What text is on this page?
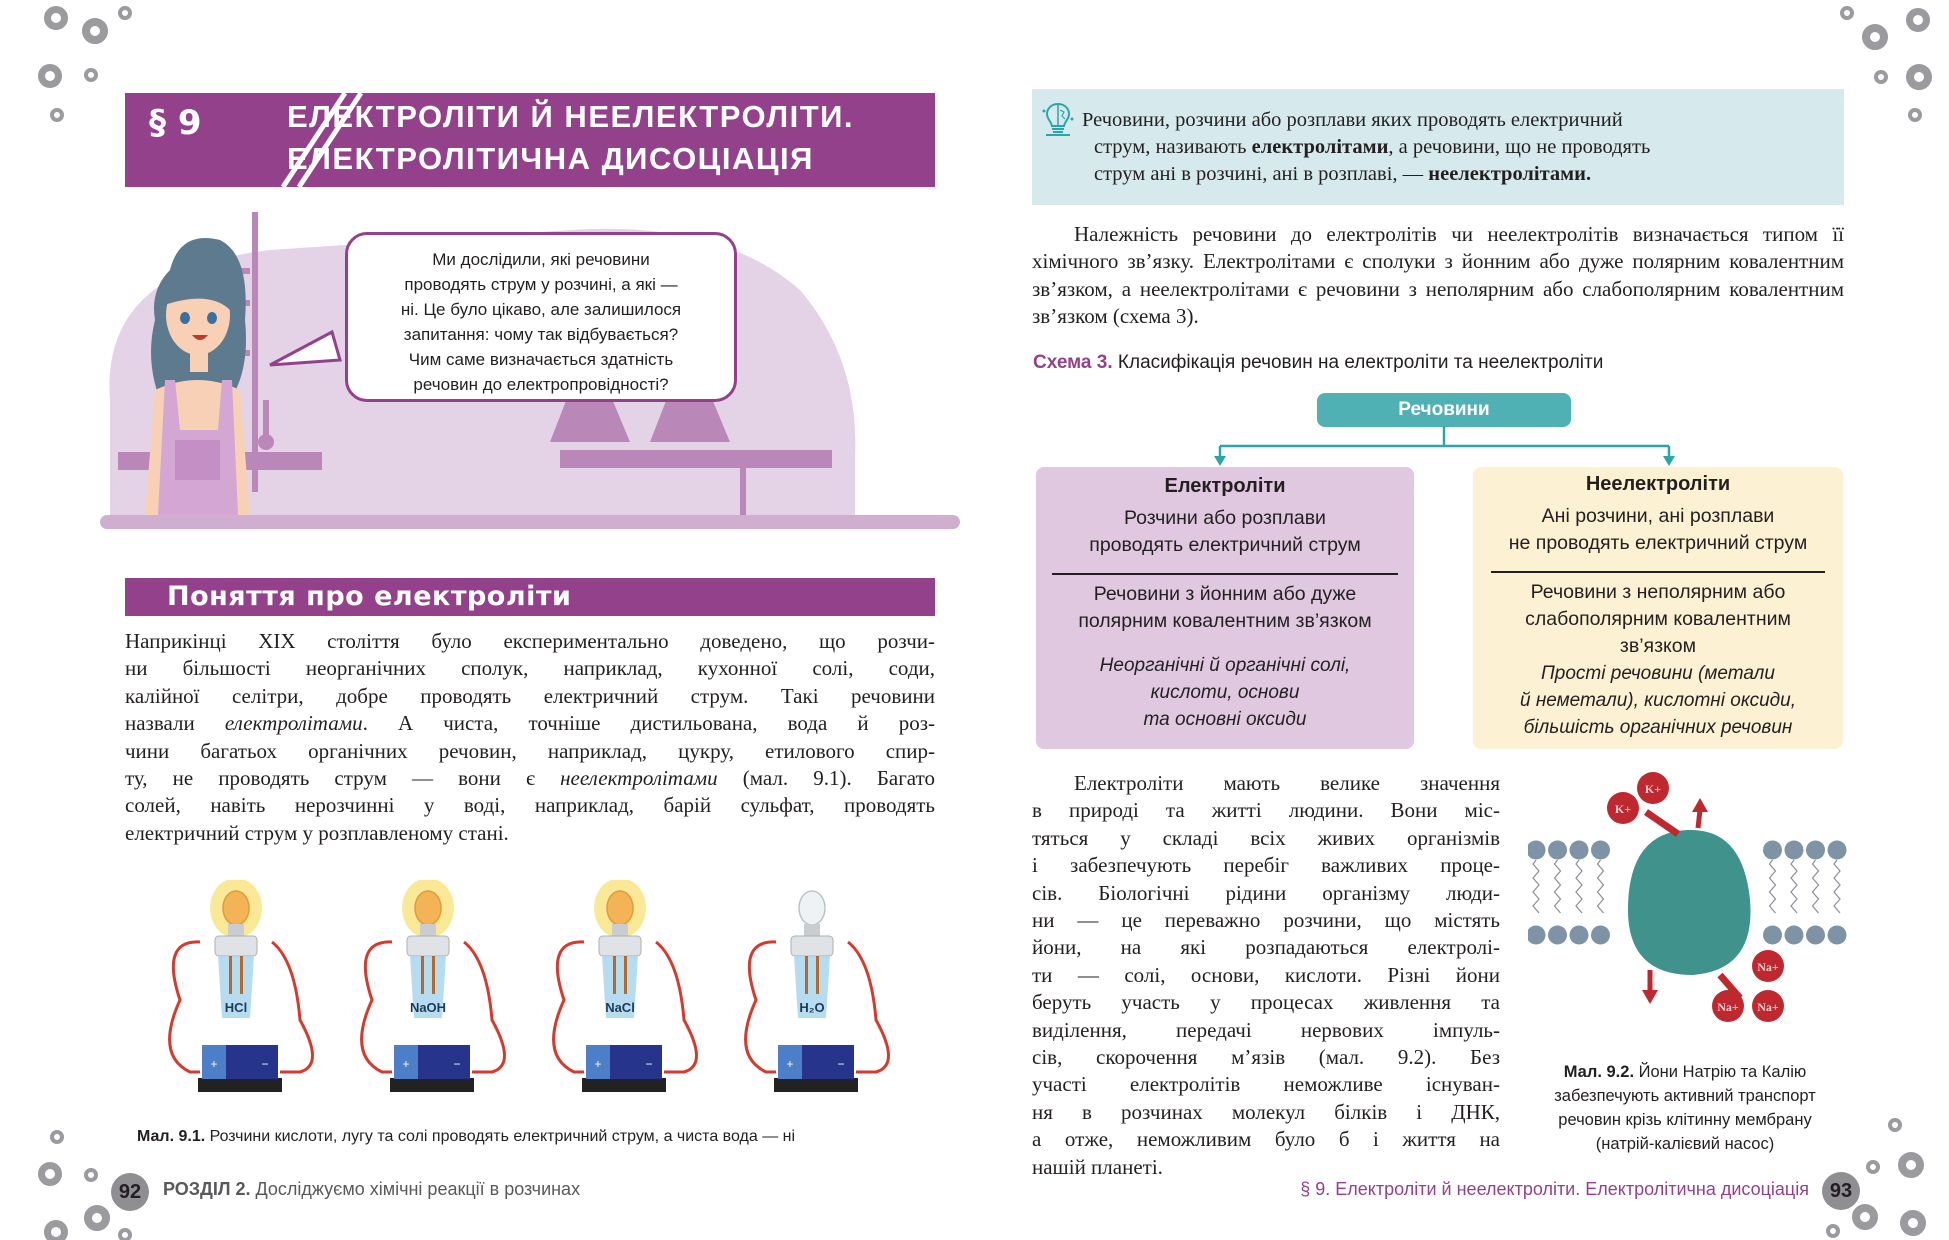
§ 9	ЕЛЕКТРОЛІТИ Й НЕЕЛЕКТРОЛІТИ.
ЕЛЕКТРОЛІТИЧНА ДИСОЦІАЦІЯ
Ми дослідили, які речовини
проводять струм у розчині, а які —
ні. Це було цікаво, але залишилося
запитання: чому так відбувається?
Чим саме визначається здатність
речовин до електропровідності?
Поняття про електроліти
Наприкінці XIX століття було експериментально доведено, що розчи-
ни більшості неорганічних сполук, наприклад, кухонної солі, соди,
калійної селітри, добре проводять електричний струм. Такі речовини
назвали електролітами. А чиста, точніше дистильована, вода й роз-
чини багатьох органічних речовин, наприклад, цукру, етилового спир-
ту, не проводять струм — вони є неелектролітами (мал. 9.1). Багато
солей, навіть нерозчинні у воді, наприклад, барій сульфат, проводять
електричний струм у розплавленому стані.
HCl
+	−
NaOH
+	−
NaCl
+	−
H₂O
+	−
Мал. 9.1. Розчини кислоти, лугу та солі проводять електричний струм, а чиста вода — ні
92	РОЗДІЛ 2. Досліджуємо хімічні реакції в розчинах
Речовини, розчини або розплави яких проводять електричний
струм, називають електролітами, а речовини, що не проводять
струм ані в розчині, ані в розплаві, — неелектролітами.
Належність речовини до електролітів чи неелектролітів визначається типом її хімічного зв’язку. Електролітами є сполуки з йонним або дуже полярним ковалентним зв’язком, а неелектролітами є речовини з неполярним або слабополярним ковалентним зв’язком (схема 3).
Схема 3. Класифікація речовин на електроліти та неелектроліти
Речовини
Електроліти
Розчини або розплави
проводять електричний струм
Речовини з йонним або дуже
полярним ковалентним зв’язком
Неорганічні й органічні солі,
кислоти, основи
та основні оксиди
Неелектроліти
Ані розчини, ані розплави
не проводять електричний струм
Речовини з неполярним або
слабополярним ковалентним
зв’язком
Прості речовини (метали
й неметали), кислотні оксиди,
більшість органічних речовин
Електроліти мають велике значення
в природі та житті людини. Вони міс-
тяться у складі всіх живих організмів
і забезпечують перебіг важливих проце-
сів. Біологічні рідини організму люди-
ни — це переважно розчини, що містять
йони, на які розпадаються електролі-
ти — солі, основи, кислоти. Різні йони
беруть участь у процесах живлення та
виділення, передачі нервових імпуль-
сів, скорочення м’язів (мал. 9.2). Без
участі електролітів неможливе існуван-
ня в розчинах молекул білків і ДНК,
а отже, неможливим було б і життя на
нашій планеті.
K+
K+
Na+
Na+ Na+
Мал. 9.2. Йони Натрію та Калію забезпечують активний транспорт речовин крізь клітинну мембрану (натрій-калієвий насос)
§ 9. Електроліти й неелектроліти. Електролітична дисоціація	93
